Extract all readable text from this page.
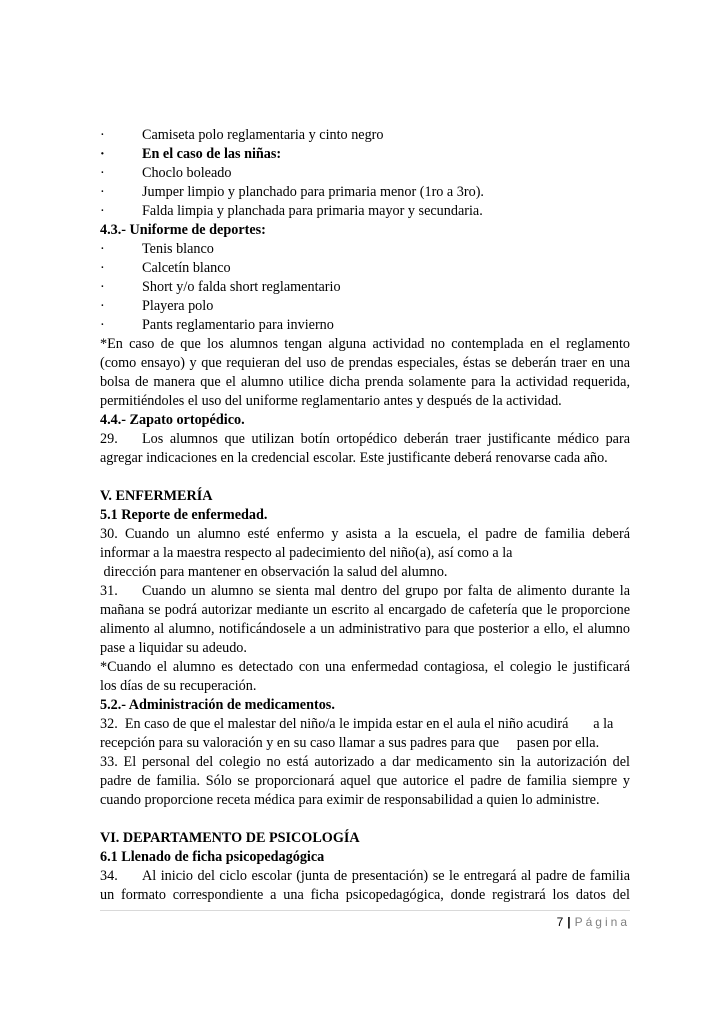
·	Camiseta polo reglamentaria y cinto negro
·	En el caso de las niñas:
·	Choclo boleado
·	Jumper limpio y planchado para primaria menor (1ro a 3ro).
·	Falda limpia y planchada para primaria mayor y secundaria.
4.3.- Uniforme de deportes:
·	Tenis blanco
·	Calcetín blanco
·	Short y/o falda short reglamentario
·	Playera polo
·	Pants reglamentario para invierno
*En caso de que los alumnos tengan alguna actividad no contemplada en el reglamento
(como ensayo) y que requieran del uso de prendas especiales, éstas se deberán traer en una
bolsa de manera que el alumno utilice dicha prenda solamente para la actividad requerida,
permitiéndoles el uso del uniforme reglamentario antes y después de la actividad.
4.4.- Zapato ortopédico.
29. Los alumnos que utilizan botín ortopédico deberán traer justificante médico para
agregar indicaciones en la credencial escolar. Este justificante deberá renovarse cada año.
V. ENFERMERÍA
5.1 Reporte de enfermedad.
30. Cuando un alumno esté enfermo y asista a la escuela, el padre de familia deberá
informar a la maestra respecto al padecimiento del niño(a), así como a la
dirección para mantener en observación la salud del alumno.
31. Cuando un alumno se sienta mal dentro del grupo por falta de alimento durante la
mañana se podrá autorizar mediante un escrito al encargado de cafetería que le proporcione
alimento al alumno, notificándosele a un administrativo para que posterior a ello, el alumno
pase a liquidar su adeudo.
*Cuando el alumno es detectado con una enfermedad contagiosa, el colegio le justificará
los días de su recuperación.
5.2.- Administración de medicamentos.
32.  En caso de que el malestar del niño/a le impida estar en el aula el niño acudirá       a la
recepción para su valoración y en su caso llamar a sus padres para que     pasen por ella.
33. El personal del colegio no está autorizado a dar medicamento sin la autorización del
padre de familia. Sólo se proporcionará aquel que autorice el padre de familia siempre y
cuando proporcione receta médica para eximir de responsabilidad a quien lo administre.
VI. DEPARTAMENTO DE PSICOLOGÍA
6.1 Llenado de ficha psicopedagógica
34. Al inicio del ciclo escolar (junta de presentación) se le entregará al padre de familia
un formato correspondiente a una ficha psicopedagógica, donde registrará los datos del
7 | Página
